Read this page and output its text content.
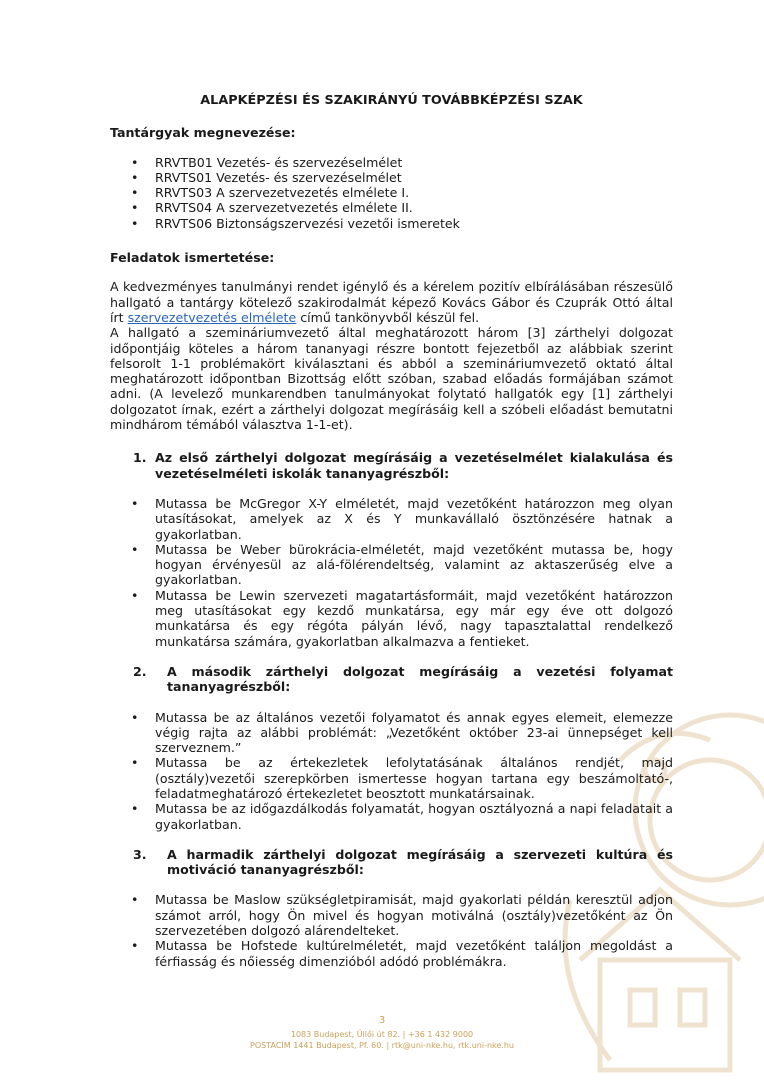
ALAPKÉPZÉSI ÉS SZAKIRÁNYÚ TOVÁBBKÉPZÉSI SZAK

Tantárgyak megnevezése:

• RRVTB01 Vezetés- és szervezéselmélet
• RRVTS01 Vezetés- és szervezéselmélet
• RRVTS03 A szervezetvezetés elmélete I.
• RRVTS04 A szervezetvezetés elmélete II.
• RRVTS06 Biztonságszervezési vezetői ismeretek

Feladatok ismertetése:

A kedvezményes tanulmányi rendet igénylő és a kérelem pozitív elbírálásában részesülő hallgató a tantárgy kötelező szakirodalmát képező Kovács Gábor és Czuprák Ottó által írt szervezetvezetés elmélete című tankönyvből készül fel.

A hallgató a szemináriumvezető által meghatározott három [3] zárthelyi dolgozat időpontjáig köteles a három tananyagi részre bontott fejezetből az alábbiak szerint felsorolt 1-1 problémakört kiválasztani és abból a szemináriumvezető oktató által meghatározott időpontban Bizottság előtt szóban, szabad előadás formájában számot adni. (A levelező munkarendben tanulmányokat folytató hallgatók egy [1] zárthelyi dolgozatot írnak, ezért a zárthelyi dolgozat megírásáig kell a szóbeli előadást bemutatni mindhárom témából választva 1-1-et).

1. Az első zárthelyi dolgozat megírásáig a vezetéselmélet kialakulása és vezetéselméleti iskolák tananyagrészből:

• Mutassa be McGregor X-Y elméletét, majd vezetőként határozzon meg olyan utasításokat, amelyek az X és Y munkavállaló ösztönzésére hatnak a gyakorlatban.
• Mutassa be Weber bürokrácia-elméletét, majd vezetőként mutassa be, hogy hogyan érvényesül az alá-fölérendeltség, valamint az aktaszerűség elve a gyakorlatban.
• Mutassa be Lewin szervezeti magatartásformáit, majd vezetőként határozzon meg utasításokat egy kezdő munkatársa, egy már egy éve ott dolgozó munkatársa és egy régóta pályán lévő, nagy tapasztalattal rendelkező munkatársa számára, gyakorlatban alkalmazva a fentieket.

2. A második zárthelyi dolgozat megírásáig a vezetési folyamat tananyagrészből:

• Mutassa be az általános vezetői folyamatot és annak egyes elemeit, elemezze végig rajta az alábbi problémát: „Vezetőként október 23-ai ünnepséget kell szerveznem.”
• Mutassa be az értekezletek lefolytatásának általános rendjét, majd (osztály)vezetői szerepkörben ismertesse hogyan tartana egy beszámoltató-, feladatmeghatározó értekezletet beosztott munkatársainak.
• Mutassa be az időgazdálkodás folyamatát, hogyan osztályozná a napi feladatait a gyakorlatban.

3. A harmadik zárthelyi dolgozat megírásáig a szervezeti kultúra és motiváció tananyagrészből:

• Mutassa be Maslow szükségletpiramisát, majd gyakorlati példán keresztül adjon számot arról, hogy Ön mivel és hogyan motiválná (osztály)vezetőként az Ön szervezetében dolgozó alárendelteket.
• Mutassa be Hofstede kultúrelméletét, majd vezetőként találjon megoldást a férfiasság és nőiesség dimenzióból adódó problémákra.
3
1083 Budapest, Üllői út 82. | +36 1 432 9000
POSTACÍM 1441 Budapest, Pf. 60. | rtk@uni-nke.hu, rtk.uni-nke.hu
